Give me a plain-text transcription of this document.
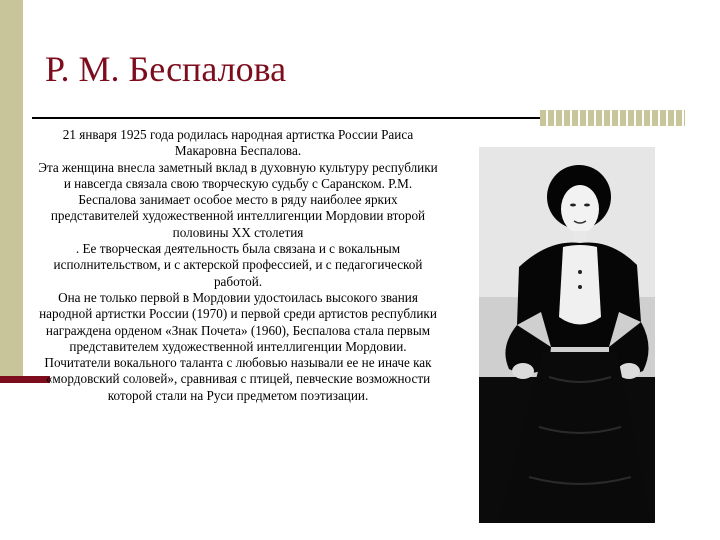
Р. М. Беспалова

21 января 1925 года родилась народная артистка России Раиса Макаровна Беспалова.

Эта женщина внесла заметный вклад в духовную культуру республики и навсегда связала свою творческую судьбу с Саранском. Р.М. Беспалова занимает особое место в ряду наиболее ярких представителей художественной интеллигенции Мордовии второй половины XX столетия

. Ее творческая деятельность была связана и с вокальным исполнительством, и с актерской профессией, и с педагогической работой.

Она не только первой в Мордовии удостоилась высокого звания народной артистки России (1970) и первой среди артистов республики награждена орденом «Знак Почета» (1960), Беспалова стала первым представителем художественной интеллигенции Мордовии.

Почитатели вокального таланта с любовью называли ее не иначе как «мордовский соловей», сравнивая с птицей, певческие возможности которой стали на Руси предметом поэтизации.
